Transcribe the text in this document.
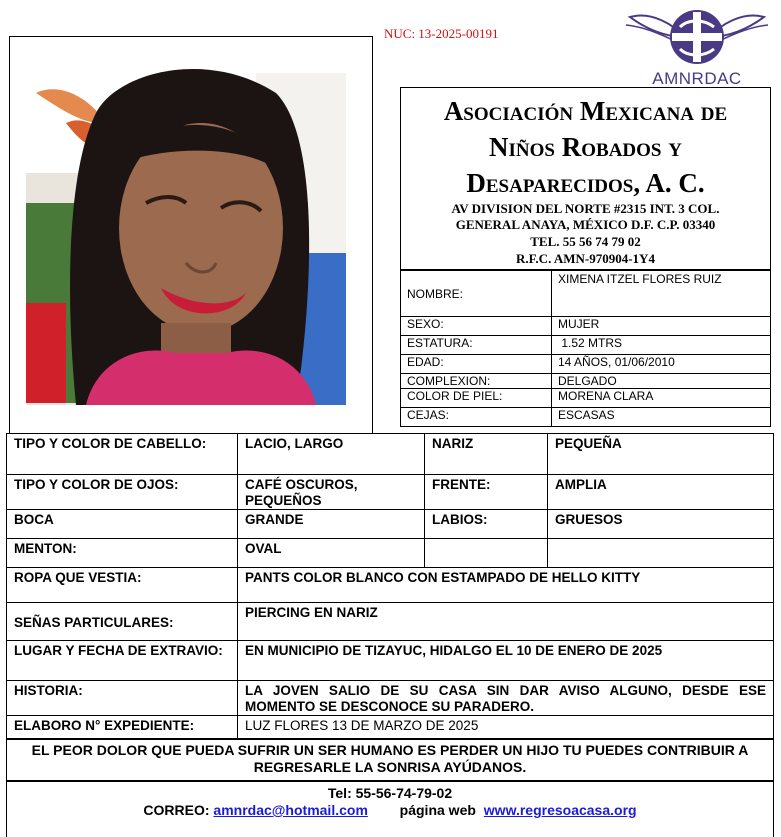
NUC: 13-2025-00191
AMNRDAC
Asociación Mexicana de
Niños Robados y
Desaparecidos, A. C.
AV DIVISION DEL NORTE #2315 INT. 3 COL.
GENERAL ANAYA, MÉXICO D.F. C.P. 03340
TEL. 55 56 74 79 02
R.F.C. AMN-970904-1Y4
NOMBRE:	XIMENA ITZEL FLORES RUIZ
SEXO:	MUJER
ESTATURA:	1.52 MTRS
EDAD:	14 AÑOS, 01/06/2010
COMPLEXION:	DELGADO
COLOR DE PIEL:	MORENA CLARA
CEJAS:	ESCASAS
TIPO Y COLOR DE CABELLO:	LACIO, LARGO	NARIZ	PEQUEÑA
TIPO Y COLOR DE OJOS:	CAFÉ OSCUROS, PEQUEÑOS	FRENTE:	AMPLIA
BOCA	GRANDE	LABIOS:	GRUESOS
MENTON:	OVAL		
ROPA QUE VESTIA:	PANTS COLOR BLANCO CON ESTAMPADO DE HELLO KITTY		
SEÑAS PARTICULARES:	PIERCING EN NARIZ		
LUGAR Y FECHA DE EXTRAVIO:	EN MUNICIPIO DE TIZAYUC, HIDALGO EL 10 DE ENERO DE 2025		
HISTORIA:	LA JOVEN SALIO DE SU CASA SIN DAR AVISO ALGUNO, DESDE ESE MOMENTO SE DESCONOCE SU PARADERO.		
ELABORO N° EXPEDIENTE:	LUZ FLORES 13 DE MARZO DE 2025		
EL PEOR DOLOR QUE PUEDA SUFRIR UN SER HUMANO ES PERDER UN HIJO TU PUEDES CONTRIBUIR A REGRESARLE LA SONRISA AYÚDANOS.
Tel: 55-56-74-79-02
CORREO: amnrdac@hotmail.com página web www.regresoacasa.org
